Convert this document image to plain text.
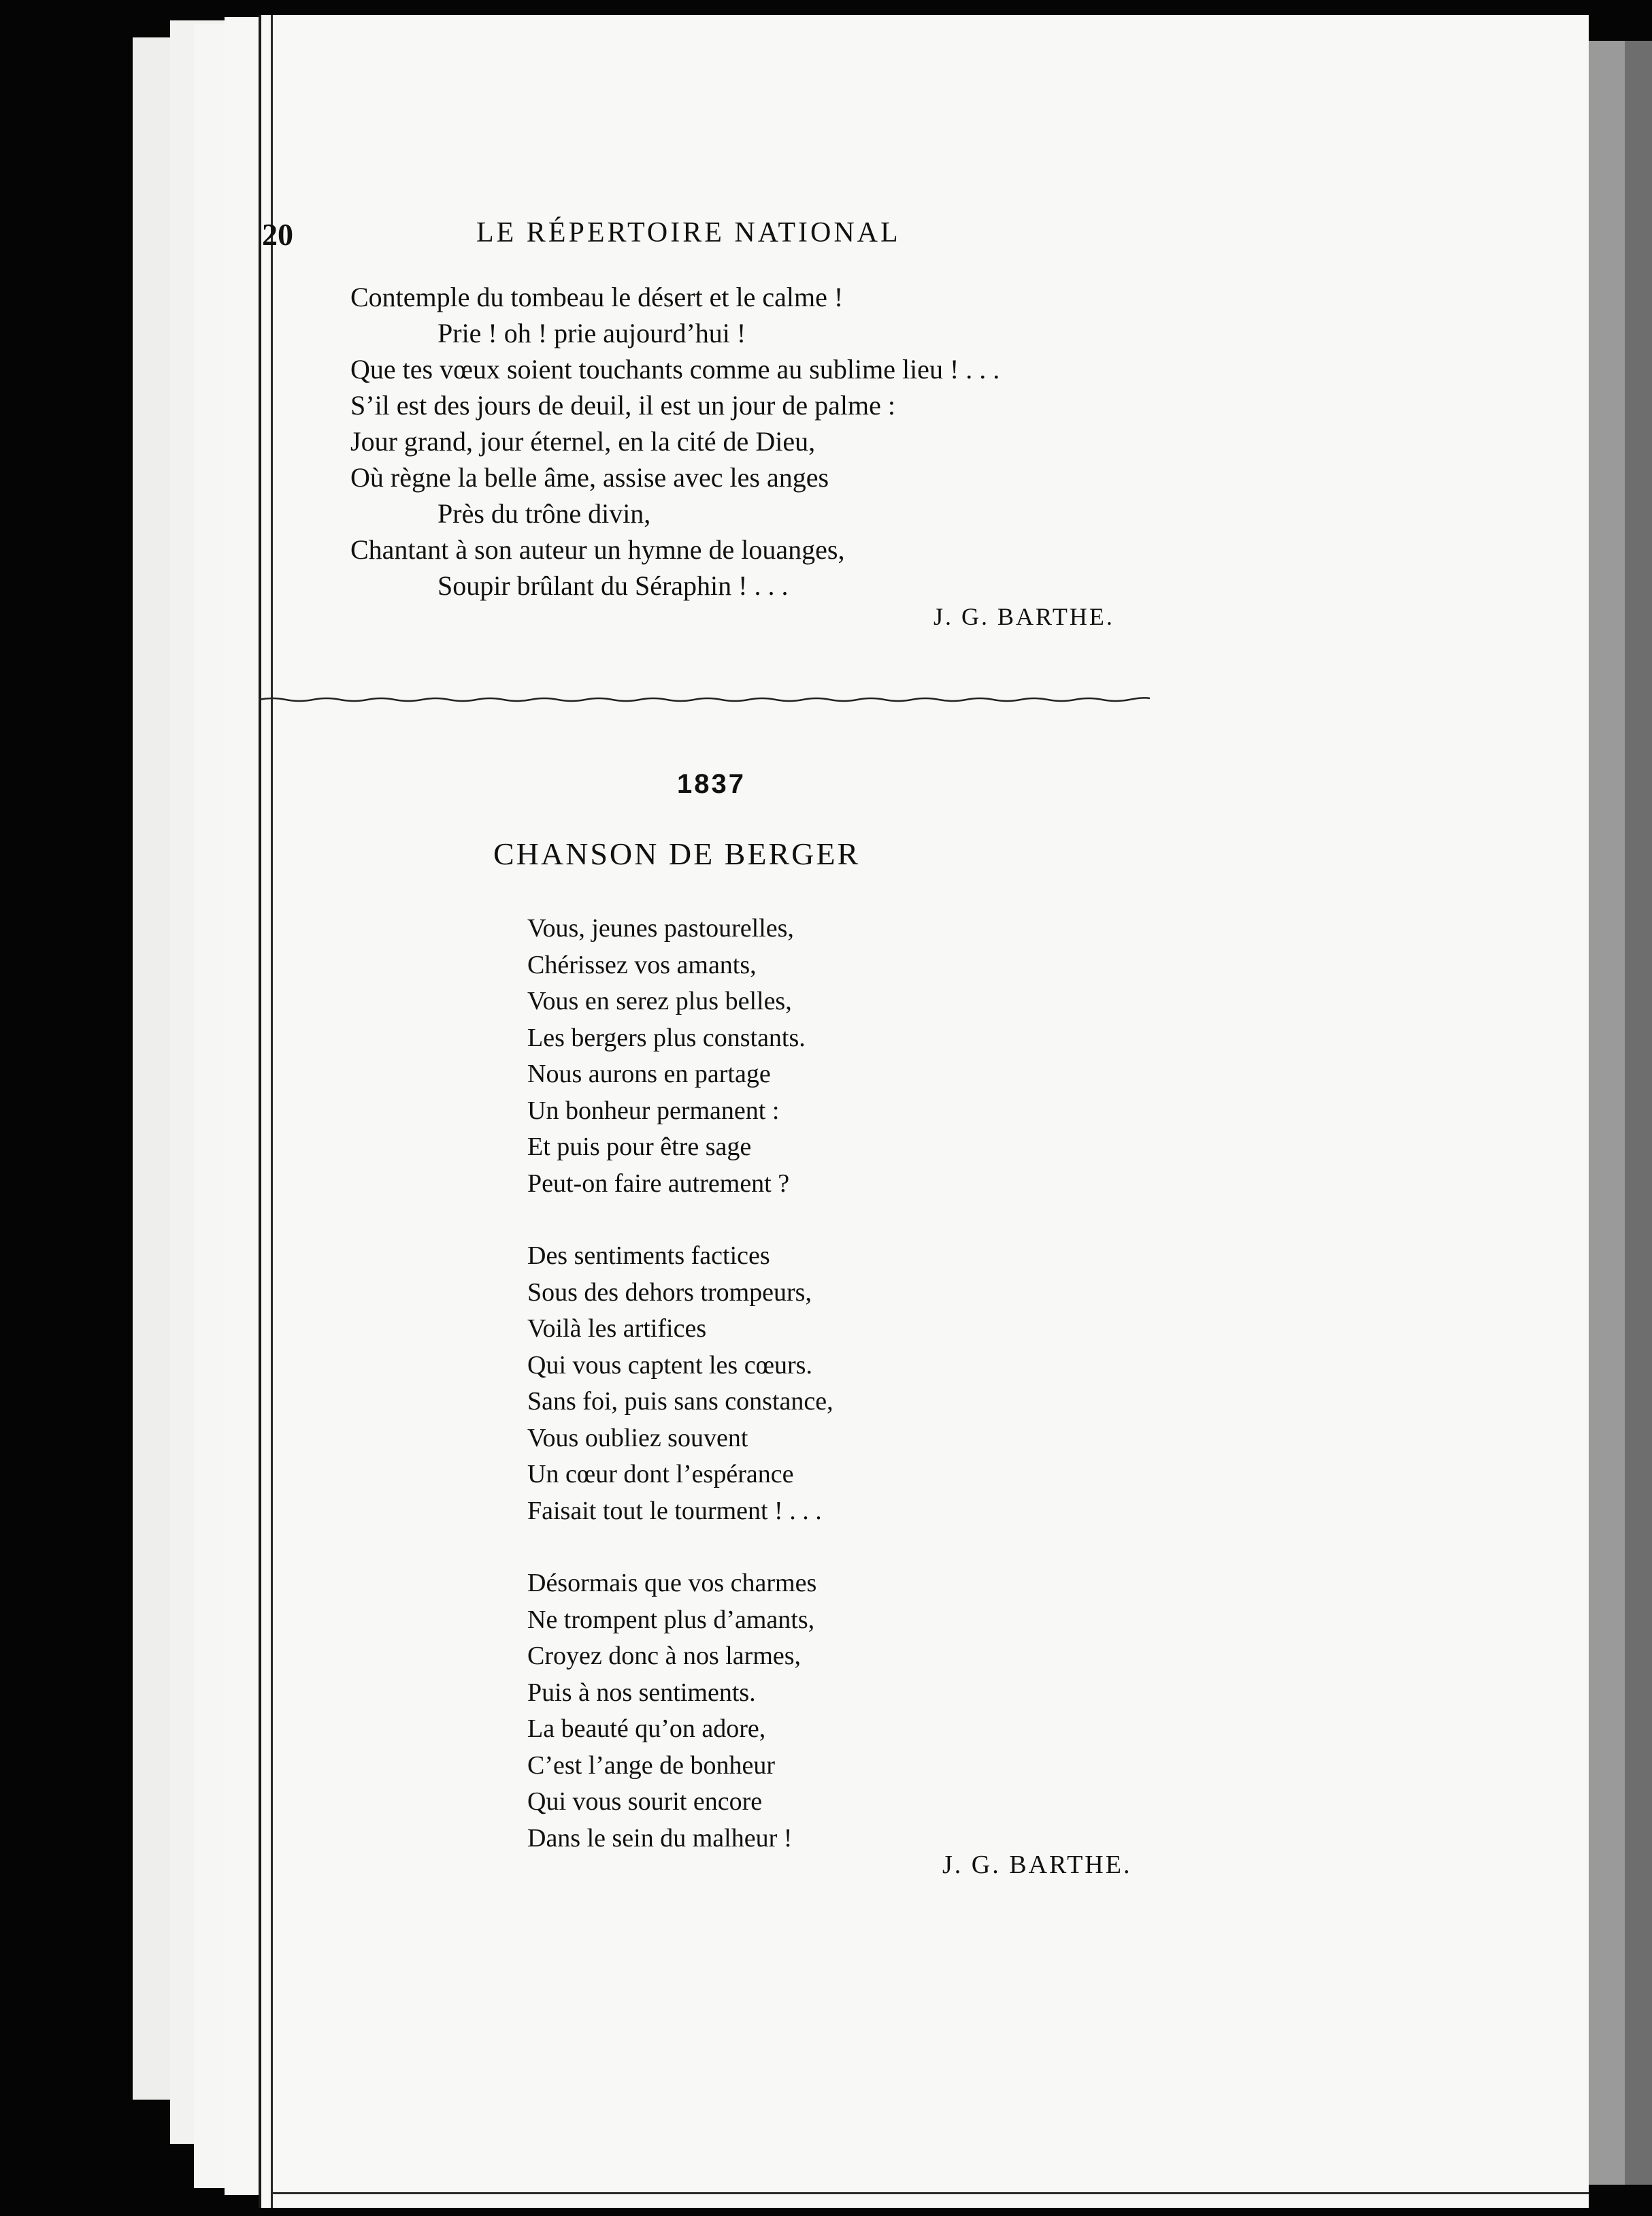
20	LE RÉPERTOIRE NATIONAL
Contemple du tombeau le désert et le calme !
Prie ! oh ! prie aujourd’hui !
Que tes vœux soient touchants comme au sublime lieu ! . . .
S’il est des jours de deuil, il est un jour de palme :
Jour grand, jour éternel, en la cité de Dieu,
Où règne la belle âme, assise avec les anges
Près du trône divin,
Chantant à son auteur un hymne de louanges,
Soupir brûlant du Séraphin ! . . .
J. G. BARTHE.
1837
CHANSON DE BERGER
Vous, jeunes pastourelles,
Chérissez vos amants,
Vous en serez plus belles,
Les bergers plus constants.
Nous aurons en partage
Un bonheur permanent :
Et puis pour être sage
Peut-on faire autrement ?
Des sentiments factices
Sous des dehors trompeurs,
Voilà les artifices
Qui vous captent les cœurs.
Sans foi, puis sans constance,
Vous oubliez souvent
Un cœur dont l’espérance
Faisait tout le tourment ! . . .
Désormais que vos charmes
Ne trompent plus d’amants,
Croyez donc à nos larmes,
Puis à nos sentiments.
La beauté qu’on adore,
C’est l’ange de bonheur
Qui vous sourit encore
Dans le sein du malheur !
J. G. BARTHE.
